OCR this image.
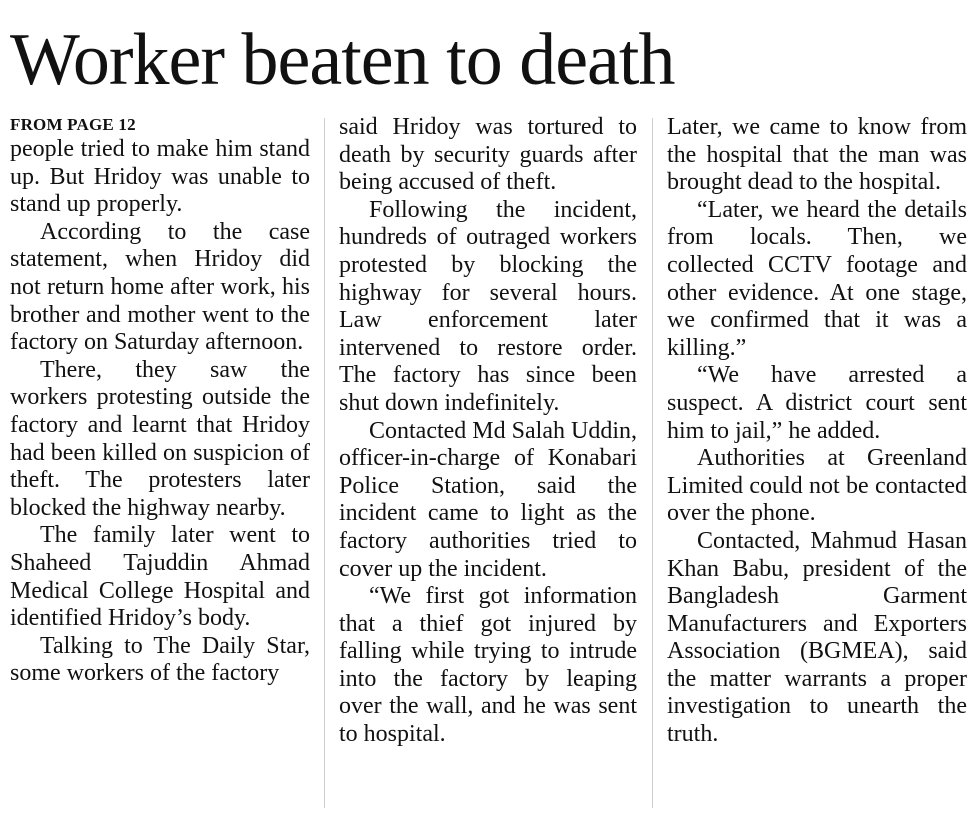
Worker beaten to death
FROM PAGE 12

people tried to make him stand up. But Hridoy was unable to stand up properly.

According to the case statement, when Hridoy did not return home after work, his brother and mother went to the factory on Saturday afternoon.

There, they saw the workers protesting outside the factory and learnt that Hridoy had been killed on suspicion of theft. The protesters later blocked the highway nearby.

The family later went to Shaheed Tajuddin Ahmad Medical College Hospital and identified Hridoy’s body.

Talking to The Daily Star, some workers of the factory

said Hridoy was tortured to death by security guards after being accused of theft.

Following the incident, hundreds of outraged workers protested by blocking the highway for several hours. Law enforcement later intervened to restore order. The factory has since been shut down indefinitely.

Contacted Md Salah Uddin, officer-in-charge of Konabari Police Station, said the incident came to light as the factory authorities tried to cover up the incident.

“We first got information that a thief got injured by falling while trying to intrude into the factory by leaping over the wall, and he was sent to hospital.

Later, we came to know from the hospital that the man was brought dead to the hospital.

“Later, we heard the details from locals. Then, we collected CCTV footage and other evidence. At one stage, we confirmed that it was a killing.”

“We have arrested a suspect. A district court sent him to jail,” he added.

Authorities at Greenland Limited could not be contacted over the phone.

Contacted, Mahmud Hasan Khan Babu, president of the Bangladesh Garment Manufacturers and Exporters Association (BGMEA), said the matter warrants a proper investigation to unearth the truth.
